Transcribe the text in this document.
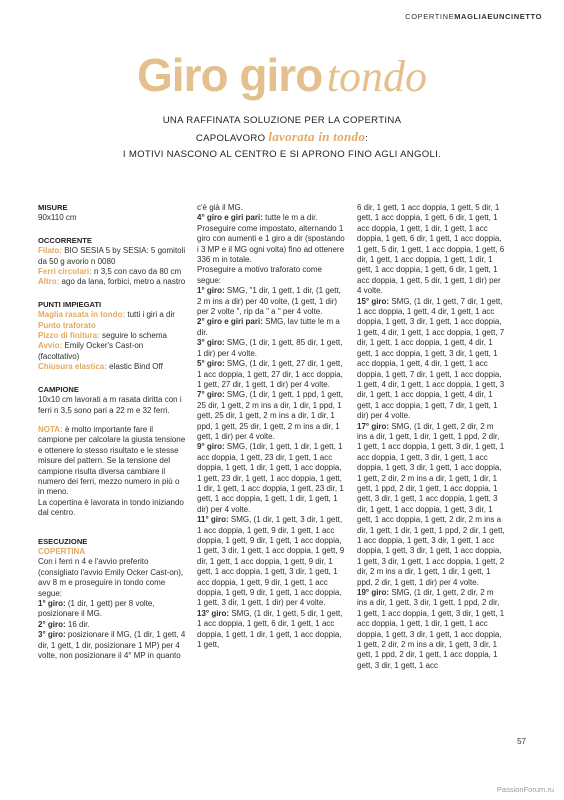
COPERTINEMAGLIAEUNCINETTO
Giro giro tondo
UNA RAFFINATA SOLUZIONE PER LA COPERTINA
CAPOLAVORO lavorata in tondo:
I MOTIVI NASCONO AL CENTRO E SI APRONO FINO AGLI ANGOLI.
MISURE

90x110 cm

OCCORRENTE

Filato: BIO SESIA 5 by SESIA: 5 gomitoli da 50 g avorio n 0080

Ferri circolari: n 3,5 con cavo da 80 cm

Altro: ago da lana, forbici, metro a nastro

PUNTI IMPIEGATI

Maglia rasata in tondo: tutti i giri a dir

Punto traforato

Pizzo di finitura: seguire lo schema

Avvio: Emily Ocker's Cast-on (facoltativo)

Chiusura elastica: elastic Bind Off

CAMPIONE

10x10 cm lavorati a m rasata diritta con i ferri n 3,5 sono pari a 22 m e 32 ferri.

NOTA: è molto importante fare il campione per calcolare la giusta tensione e ottenere lo stesso risultato e le stesse misure del pattern. Se la tensione del campione risulta diversa cambiare il numero dei ferri, mezzo numero in più o in meno.

La copertina è lavorata in tondo iniziando dal centro.

ESECUZIONE

COPERTINA

Con i ferri n 4 e l'avvio preferito (consigliato l'avvio Emily Ocker Cast-on), avv 8 m e proseguire in tondo come segue:

1° giro: (1 dir, 1 gett) per 8 volte, posizionare il MG.

2° giro: 16 dir.

3° giro: posizionare il MG, (1 dir, 1 gett, 4 dir, 1 gett, 1 dir, posizionare 1 MP) per 4 volte, non posizionare il 4° MP in quanto

c'è già il MG.

4° giro e giri pari: tutte le m a dir.

Proseguire come impostato, alternando 1 giro con aumenti e 1 giro a dir (spostando i 3 MP e il MG ogni volta) fino ad ottenere 336 m in totale.

Proseguire a motivo traforato come segue:

1° giro: SMG, "1 dir, 1 gett, 1 dir, (1 gett, 2 m ins a dir) per 40 volte, (1 gett, 1 dir) per 2 volte ", rip da " a " per 4 volte.

2° giro e giri pari: SMG, lav tutte le m a dir.

3° giro: SMG, (1 dir, 1 gett, 85 dir, 1 gett, 1 dir) per 4 volte.

5° giro: SMG, (1 dir, 1 gett, 27 dir, 1 gett, 1 acc doppia, 1 gett, 27 dir, 1 acc doppia, 1 gett, 27 dir, 1 gett, 1 dir) per 4 volte.

7° giro: SMG, (1 dir, 1 gett, 1 ppd, 1 gett, 25 dir, 1 gett, 2 m ins a dir, 1 dir, 1 ppd, 1 gett, 25 dir, 1 gett, 2 m ins a dir, 1 dir, 1 ppd, 1 gett, 25 dir, 1 gett, 2 m ins a dir, 1 gett, 1 dir) per 4 volte.

9° giro: SMG, (1dir, 1 gett, 1 dir, 1 gett, 1 acc doppia, 1 gett, 23 dir, 1 gett, 1 acc doppia, 1 gett, 1 dir, 1 gett, 1 acc doppia, 1 gett, 23 dir, 1 gett, 1 acc doppia, 1 gett, 1 dir, 1 gett, 1 acc doppia, 1 gett, 23 dir, 1 gett, 1 acc doppia, 1 gett, 1 dir, 1 gett, 1 dir) per 4 volte.

11° giro: SMG, (1 dir, 1 gett, 3 dir, 1 gett, 1 acc doppia, 1 gett, 9 dir, 1 gett, 1 acc doppia, 1 gett, 9 dir, 1 gett, 1 acc doppia, 1 gett, 3 dir, 1 gett, 1 acc doppia, 1 gett, 9 dir, 1 gett, 1 acc doppia, 1 gett, 9 dir, 1 gett, 1 acc doppia, 1 gett, 3 dir, 1 gett, 1 acc doppia, 1 gett, 9 dir, 1 gett, 1 acc doppia, 1 gett, 9 dir, 1 gett, 1 acc doppia, 1 gett, 3 dir, 1 gett, 1 dir) per 4 volte.

13° giro: SMG, (1 dir, 1 gett, 5 dir, 1 gett, 1 acc doppia, 1 gett, 6 dir, 1 gett, 1 acc doppia, 1 gett, 1 dir, 1 gett, 1 acc doppia, 1 gett,

6 dir, 1 gett, 1 acc doppia, 1 gett, 5 dir, 1 gett, 1 acc doppia, 1 gett, 6 dir, 1 gett, 1 acc doppia, 1 gett, 1 dir, 1 gett, 1 acc doppia, 1 gett, 6 dir, 1 gett, 1 acc doppia, 1 gett, 5 dir, 1 gett, 1 acc doppia, 1 gett, 6 dir, 1 gett, 1 acc doppia, 1 gett, 1 dir, 1 gett, 1 acc doppia, 1 gett, 6 dir, 1 gett, 1 acc doppia, 1 gett, 5 dir, 1 gett, 1 dir) per 4 volte.

15° giro: SMG, (1 dir, 1 gett, 7 dir, 1 gett, 1 acc doppia, 1 gett, 4 dir, 1 gett, 1 acc doppia, 1 gett, 3 dir, 1 gett, 1 acc doppia, 1 gett, 4 dir, 1 gett, 1 acc doppia, 1 gett, 7 dir, 1 gett, 1 acc doppia, 1 gett, 4 dir, 1 gett, 1 acc doppia, 1 gett, 3 dir, 1 gett, 1 acc doppia, 1 gett, 4 dir, 1 gett, 1 acc doppia, 1 gett, 7 dir, 1 gett, 1 acc doppia, 1 gett, 4 dir, 1 gett, 1 acc doppia, 1 gett, 3 dir, 1 gett, 1 acc doppia, 1 gett, 4 dir, 1 gett, 1 acc doppia, 1 gett, 7 dir, 1 gett, 1 dir) per 4 volte.

17° giro: SMG, (1 dir, 1 gett, 2 dir, 2 m ins a dir, 1 gett, 1 dir, 1 gett, 1 ppd, 2 dir, 1 gett, 1 acc doppia, 1 gett, 3 dir, 1 gett, 1 acc doppia, 1 gett, 3 dir, 1 gett, 1 acc doppia, 1 gett, 3 dir, 1 gett, 1 acc doppia, 1 gett, 2 dir, 2 m ins a dir, 1 gett, 1 dir, 1 gett, 1 ppd, 2 dir, 1 gett, 1 acc doppia, 1 gett, 3 dir, 1 gett, 1 acc doppia, 1 gett, 3 dir, 1 gett, 1 acc doppia, 1 gett, 3 dir, 1 gett, 1 acc doppia, 1 gett, 2 dir, 2 m ins a dir, 1 gett, 1 dir, 1 gett, 1 ppd, 2 dir, 1 gett, 1 acc doppia, 1 gett, 3 dir, 1 gett, 1 acc doppia, 1 gett, 3 dir, 1 gett, 1 acc doppia, 1 gett, 3 dir, 1 gett, 1 acc doppia, 1 gett, 2 dir, 2 m ins a dir, 1 gett, 1 dir, 1 gett, 1 ppd, 2 dir, 1 gett, 1 dir) per 4 volte.

19° giro: SMG, (1 dir, 1 gett, 2 dir, 2 m ins a dir, 1 gett, 3 dir, 1 gett, 1 ppd, 2 dir, 1 gett, 1 acc doppia, 1 gett, 3 dir, 1 gett, 1 acc doppia, 1 gett, 1 dir, 1 gett, 1 acc doppia, 1 gett, 3 dir, 1 gett, 1 acc doppia, 1 gett, 2 dir, 2 m ins a dir, 1 gett, 3 dir, 1 gett, 1 ppd, 2 dir, 1 gett, 1 acc doppia, 1 gett, 3 dir, 1 gett, 1 acc

57
PassionForum.ru
